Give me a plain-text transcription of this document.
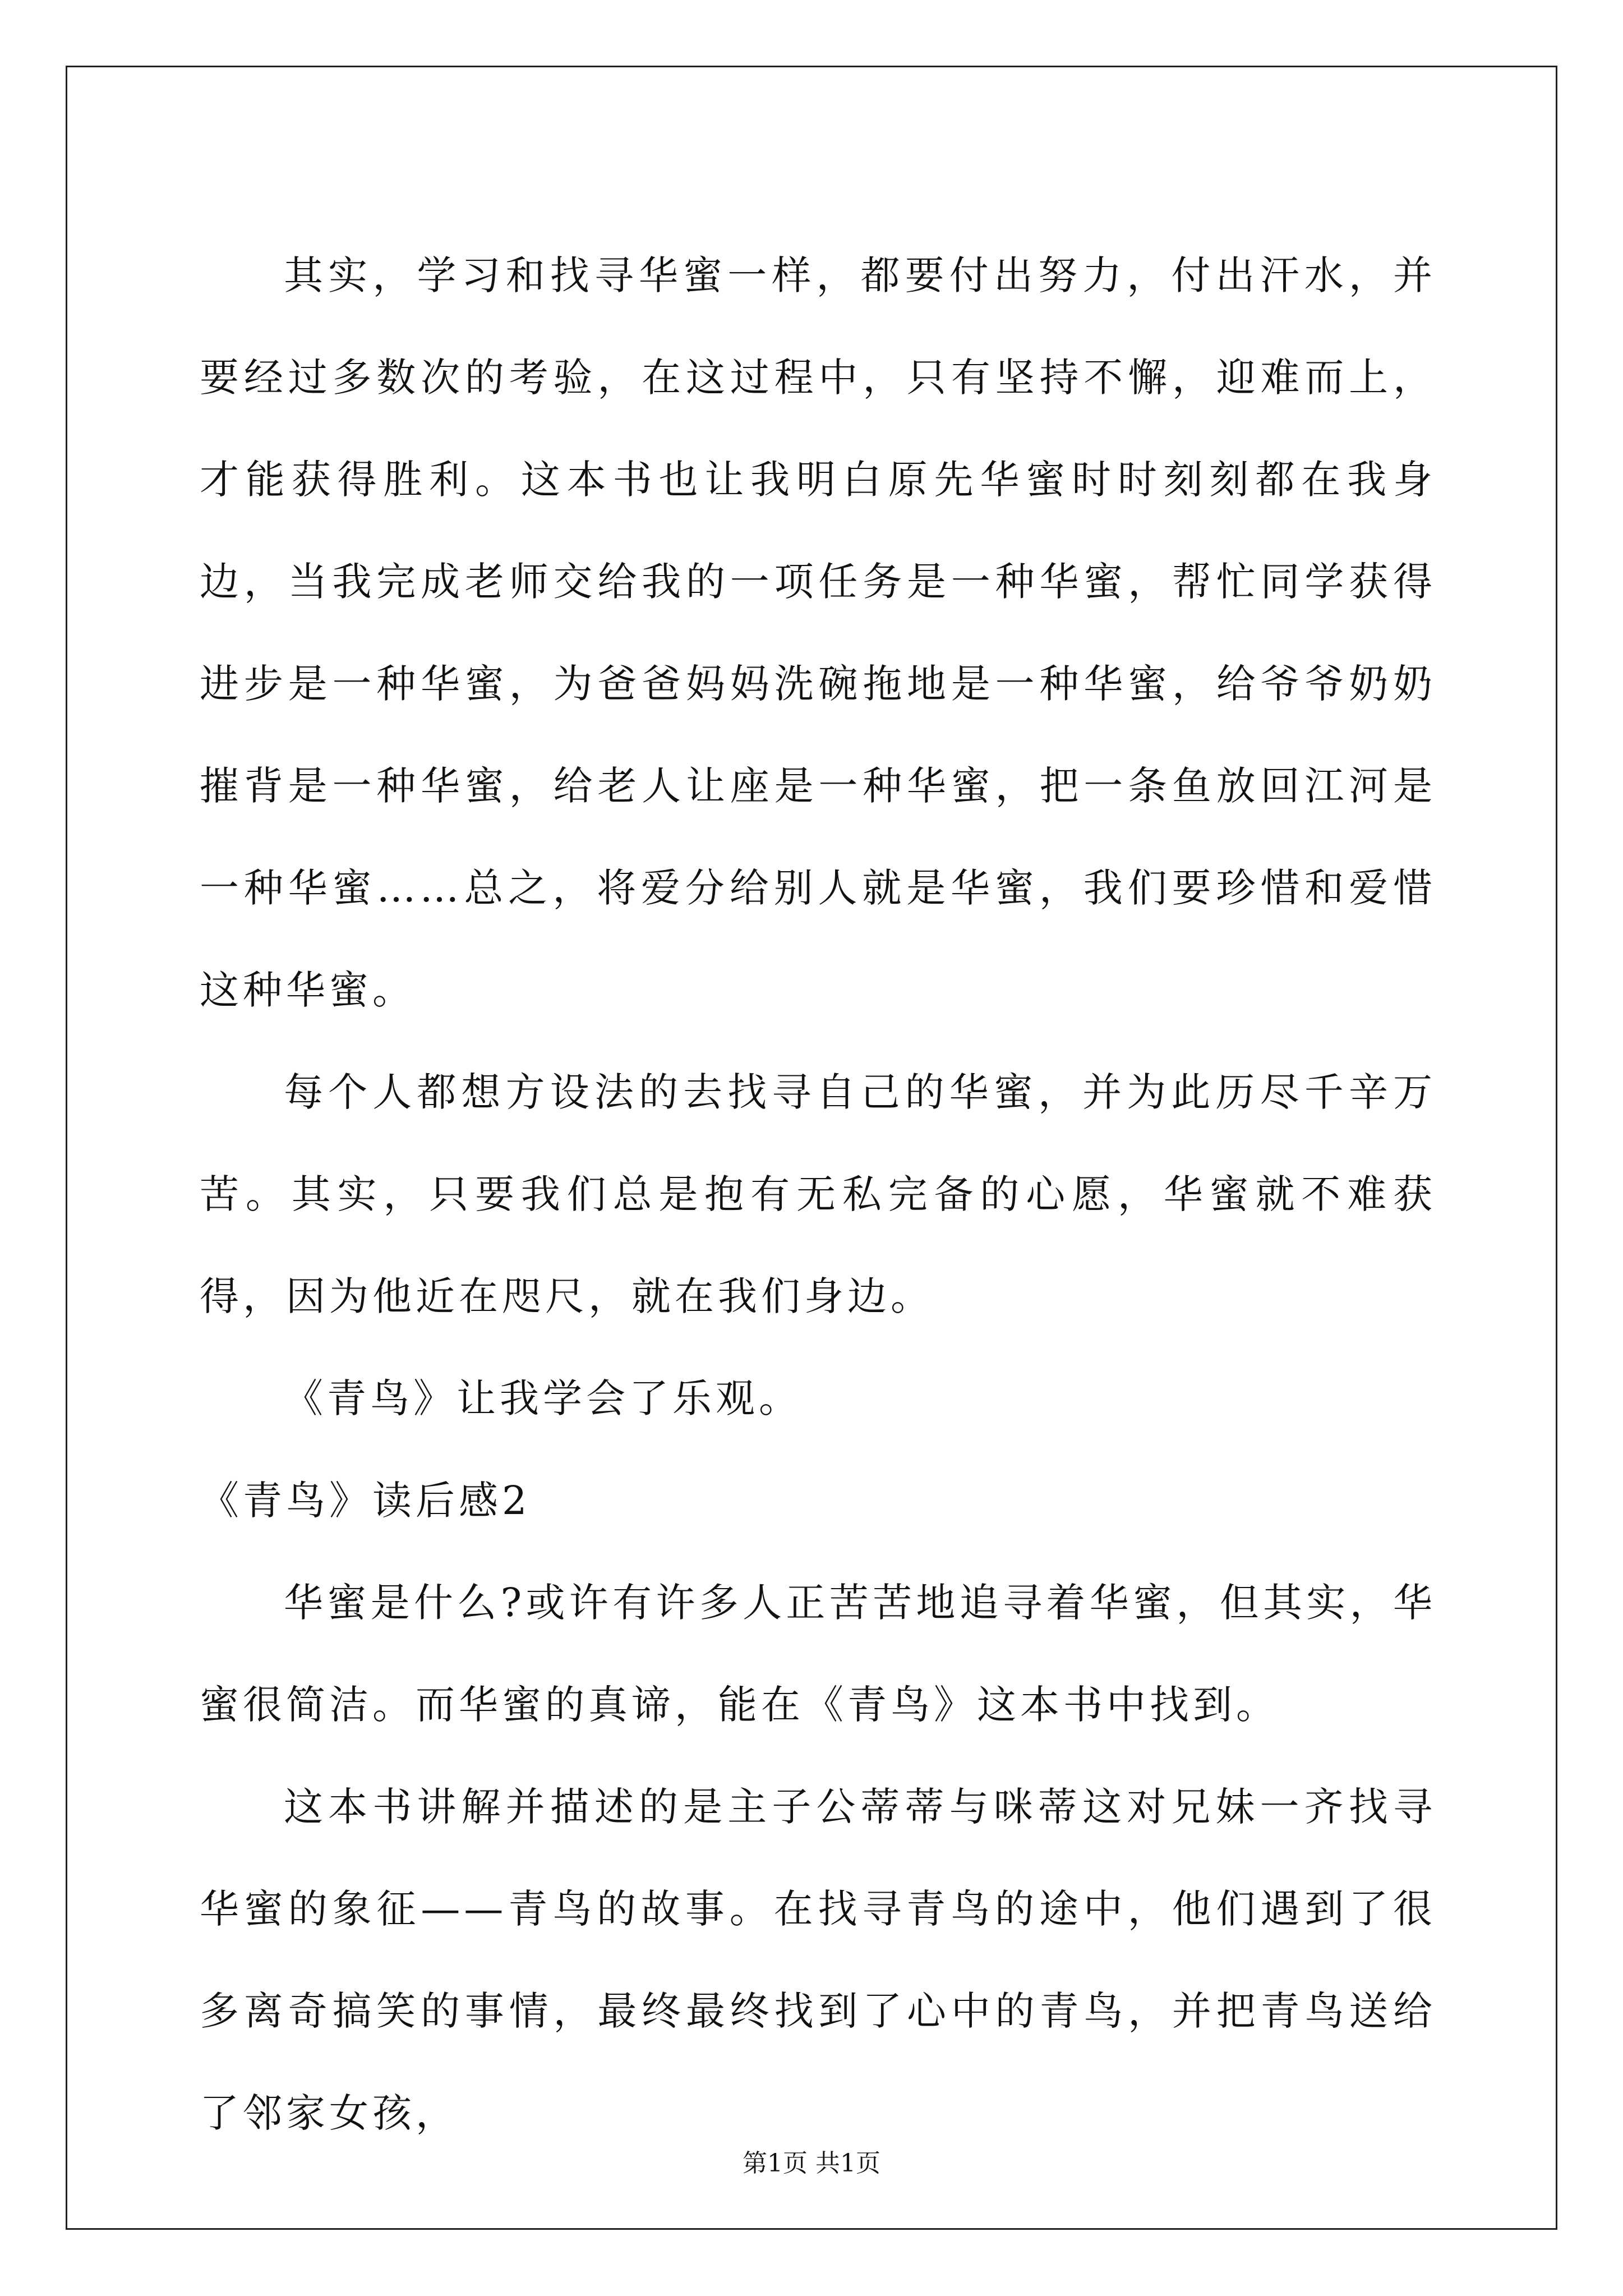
其实，学习和找寻华蜜一样，都要付出努力，付出汗水，并要经过多数次的考验，在这过程中，只有坚持不懈，迎难而上，才能获得胜利。这本书也让我明白原先华蜜时时刻刻都在我身边，当我完成老师交给我的一项任务是一种华蜜，帮忙同学获得进步是一种华蜜，为爸爸妈妈洗碗拖地是一种华蜜，给爷爷奶奶摧背是一种华蜜，给老人让座是一种华蜜，把一条鱼放回江河是一种华蜜……总之，将爱分给别人就是华蜜，我们要珍惜和爱惜这种华蜜。

每个人都想方设法的去找寻自己的华蜜，并为此历尽千辛万苦。其实，只要我们总是抱有无私完备的心愿，华蜜就不难获得，因为他近在咫尺，就在我们身边。

《青鸟》让我学会了乐观。

《青鸟》读后感2

华蜜是什么?或许有许多人正苦苦地追寻着华蜜，但其实，华蜜很简洁。而华蜜的真谛，能在《青鸟》这本书中找到。

这本书讲解并描述的是主子公蒂蒂与咪蒂这对兄妹一齐找寻华蜜的象征——青鸟的故事。在找寻青鸟的途中，他们遇到了很多离奇搞笑的事情，最终最终找到了心中的青鸟，并把青鸟送给了邻家女孩，

第1页 共1页
